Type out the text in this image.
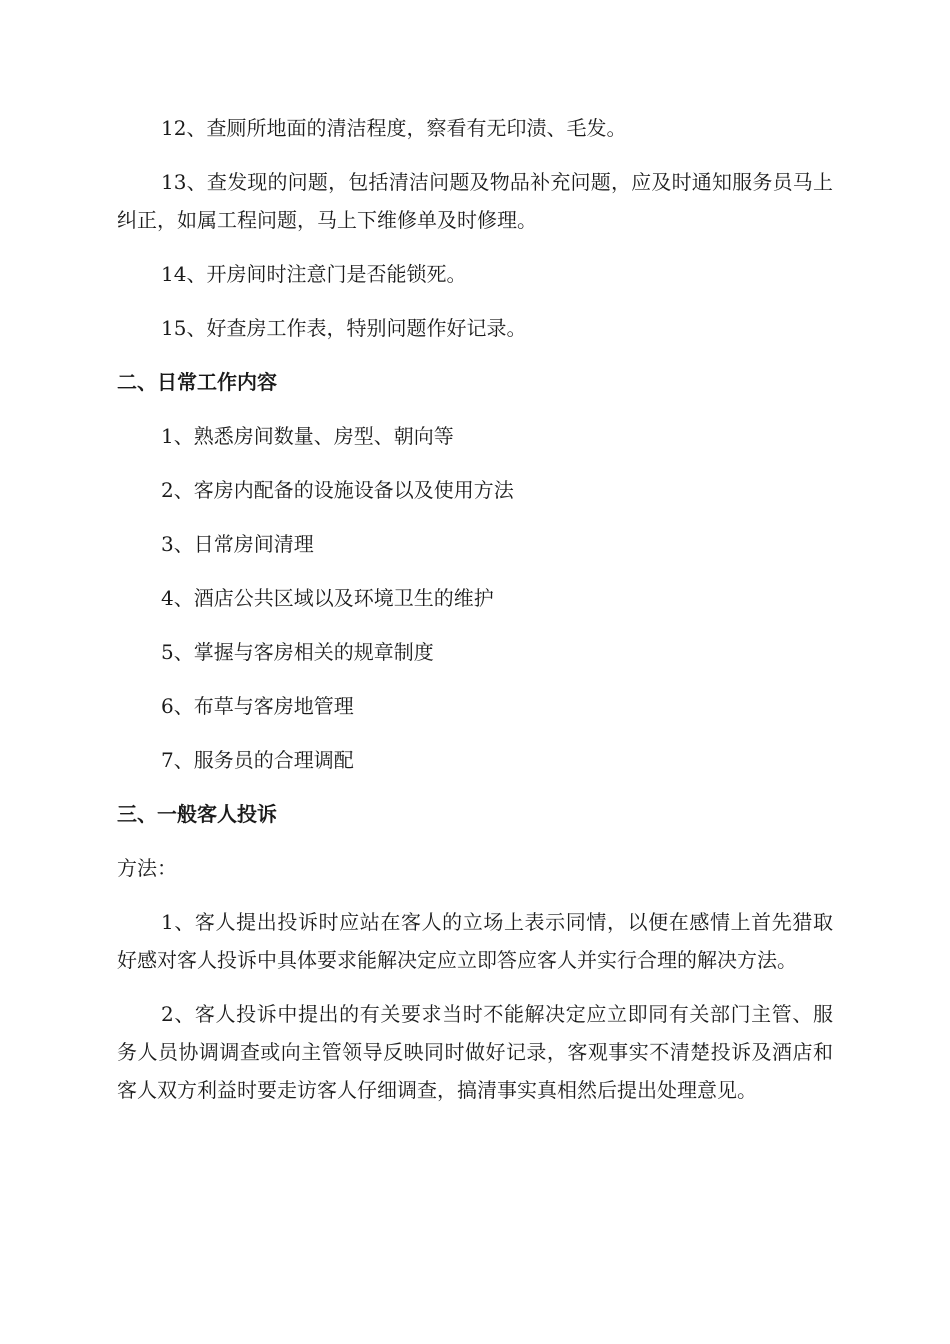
12、查厕所地面的清洁程度，察看有无印渍、毛发。

13、查发现的问题，包括清洁问题及物品补充问题，应及时通知服务员马上纠正，如属工程问题，马上下维修单及时修理。

14、开房间时注意门是否能锁死。

15、好查房工作表，特别问题作好记录。

二、日常工作内容

1、熟悉房间数量、房型、朝向等

2、客房内配备的设施设备以及使用方法

3、日常房间清理

4、酒店公共区域以及环境卫生的维护

5、掌握与客房相关的规章制度

6、布草与客房地管理

7、服务员的合理调配

三、一般客人投诉

方法：

1、客人提出投诉时应站在客人的立场上表示同情，以便在感情上首先猎取好感对客人投诉中具体要求能解决定应立即答应客人并实行合理的解决方法。

2、客人投诉中提出的有关要求当时不能解决定应立即同有关部门主管、服务人员协调调查或向主管领导反映同时做好记录，客观事实不清楚投诉及酒店和客人双方利益时要走访客人仔细调查，搞清事实真相然后提出处理意见。
